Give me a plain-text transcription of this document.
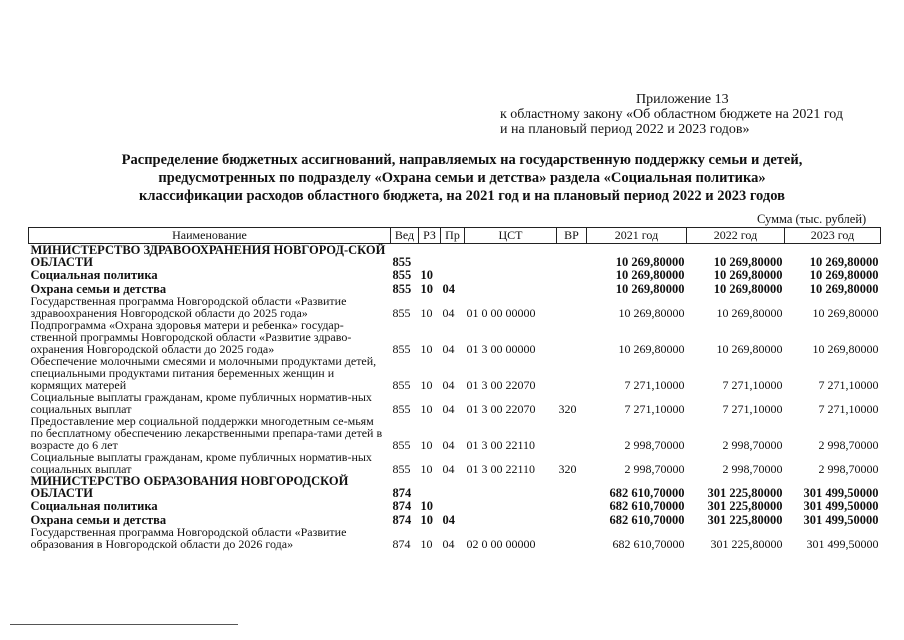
Приложение 13
к областному закону «Об областном бюджете на 2021 год
и на плановый период 2022 и 2023 годов»
Распределение бюджетных ассигнований, направляемых на государственную поддержку семьи и детей,
предусмотренных по подразделу «Охрана семьи и детства» раздела «Социальная политика»
классификации расходов областного бюджета, на 2021 год и на плановый период 2022 и 2023 годов
Сумма (тыс. рублей)
Наименование	Вед	РЗ	Пр	ЦСТ	ВР	2021 год	2022 год	2023 год
МИНИСТЕРСТВО ЗДРАВООХРАНЕНИЯ НОВГОРОД-СКОЙ ОБЛАСТИ	855					10 269,80000	10 269,80000	10 269,80000
Социальная политика	855	10				10 269,80000	10 269,80000	10 269,80000
Охрана семьи и детства	855	10	04			10 269,80000	10 269,80000	10 269,80000
Государственная программа Новгородской области «Развитие здравоохранения Новгородской области до 2025 года»	855	10	04	01 0 00 00000		10 269,80000	10 269,80000	10 269,80000
Подпрограмма «Охрана здоровья матери и ребенка» государ-ственной программы Новгородской области «Развитие здраво-охранения Новгородской области до 2025 года»	855	10	04	01 3 00 00000		10 269,80000	10 269,80000	10 269,80000
Обеспечение молочными смесями и молочными продуктами детей, специальными продуктами питания беременных женщин и кормящих матерей	855	10	04	01 3 00 22070		7 271,10000	7 271,10000	7 271,10000
Социальные выплаты гражданам, кроме публичных норматив-ных социальных выплат	855	10	04	01 3 00 22070	320	7 271,10000	7 271,10000	7 271,10000
Предоставление мер социальной поддержки многодетным се-мьям по бесплатному обеспечению лекарственными препара-тами детей в возрасте до 6 лет	855	10	04	01 3 00 22110		2 998,70000	2 998,70000	2 998,70000
Социальные выплаты гражданам, кроме публичных норматив-ных социальных выплат	855	10	04	01 3 00 22110	320	2 998,70000	2 998,70000	2 998,70000
МИНИСТЕРСТВО ОБРАЗОВАНИЯ НОВГОРОДСКОЙ ОБЛАСТИ	874					682 610,70000	301 225,80000	301 499,50000
Социальная политика	874	10				682 610,70000	301 225,80000	301 499,50000
Охрана семьи и детства	874	10	04			682 610,70000	301 225,80000	301 499,50000
Государственная программа Новгородской области «Развитие образования в Новгородской области до 2026 года»	874	10	04	02 0 00 00000		682 610,70000	301 225,80000	301 499,50000
